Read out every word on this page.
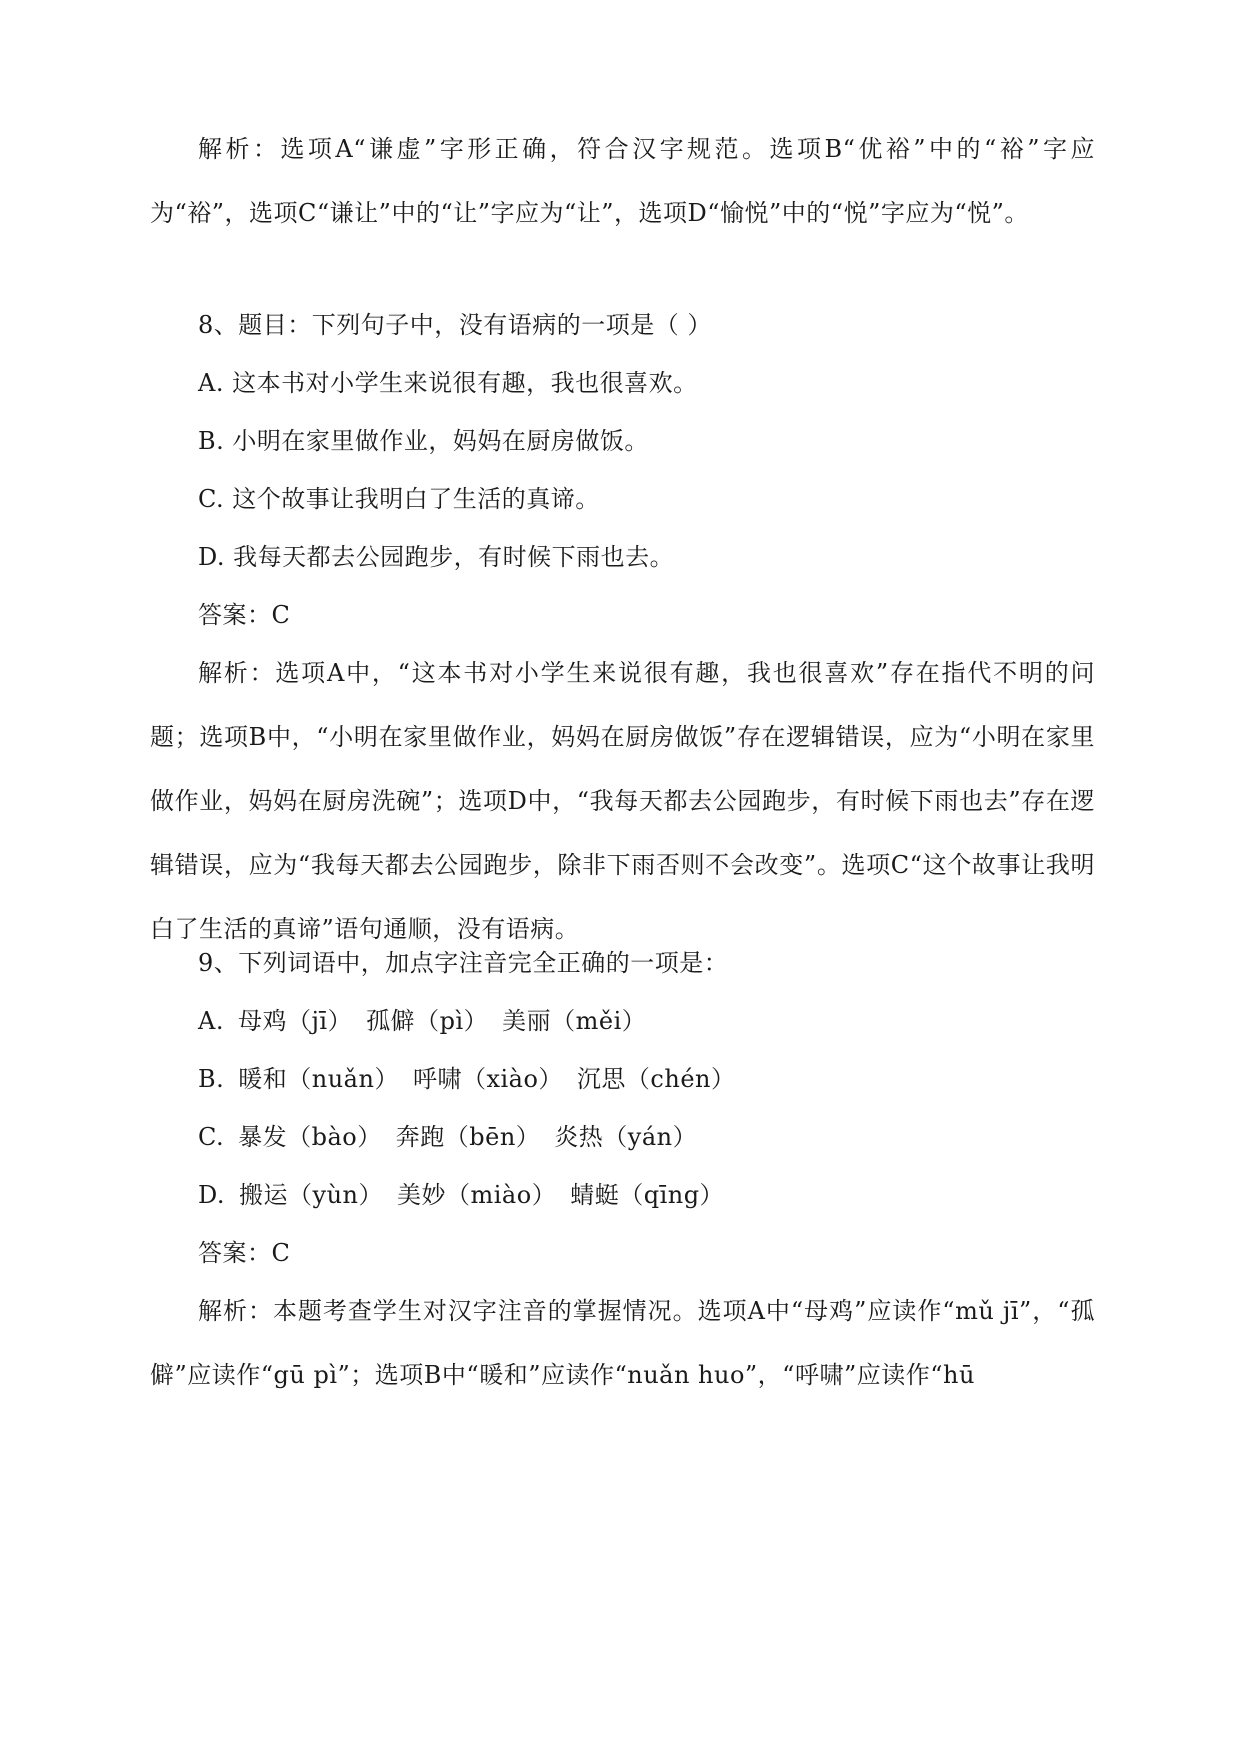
解析：选项A“谦虚”字形正确，符合汉字规范。选项B“优裕”中的“裕”字应为“裕”，选项C“谦让”中的“让”字应为“让”，选项D“愉悦”中的“悦”字应为“悦”。

8、题目：下列句子中，没有语病的一项是（ ）

A. 这本书对小学生来说很有趣，我也很喜欢。

B. 小明在家里做作业，妈妈在厨房做饭。

C. 这个故事让我明白了生活的真谛。

D. 我每天都去公园跑步，有时候下雨也去。

答案：C

解析：选项A中，“这本书对小学生来说很有趣，我也很喜欢”存在指代不明的问题；选项B中，“小明在家里做作业，妈妈在厨房做饭”存在逻辑错误，应为“小明在家里做作业，妈妈在厨房洗碗”；选项D中，“我每天都去公园跑步，有时候下雨也去”存在逻辑错误，应为“我每天都去公园跑步，除非下雨否则不会改变”。选项C“这个故事让我明白了生活的真谛”语句通顺，没有语病。

9、下列词语中，加点字注音完全正确的一项是：

A. 母鸡（jī） 孤僻（pì） 美丽（měi）

B. 暖和（nuǎn） 呼啸（xiào） 沉思（chén）

C. 暴发（bào） 奔跑（bēn） 炎热（yán）

D. 搬运（yùn） 美妙（miào） 蜻蜓（qīng）

答案：C

解析：本题考查学生对汉字注音的掌握情况。选项A中“母鸡”应读作“mǔ jī”，“孤僻”应读作“gū pì”；选项B中“暖和”应读作“nuǎn huo”，“呼啸”应读作“hū
